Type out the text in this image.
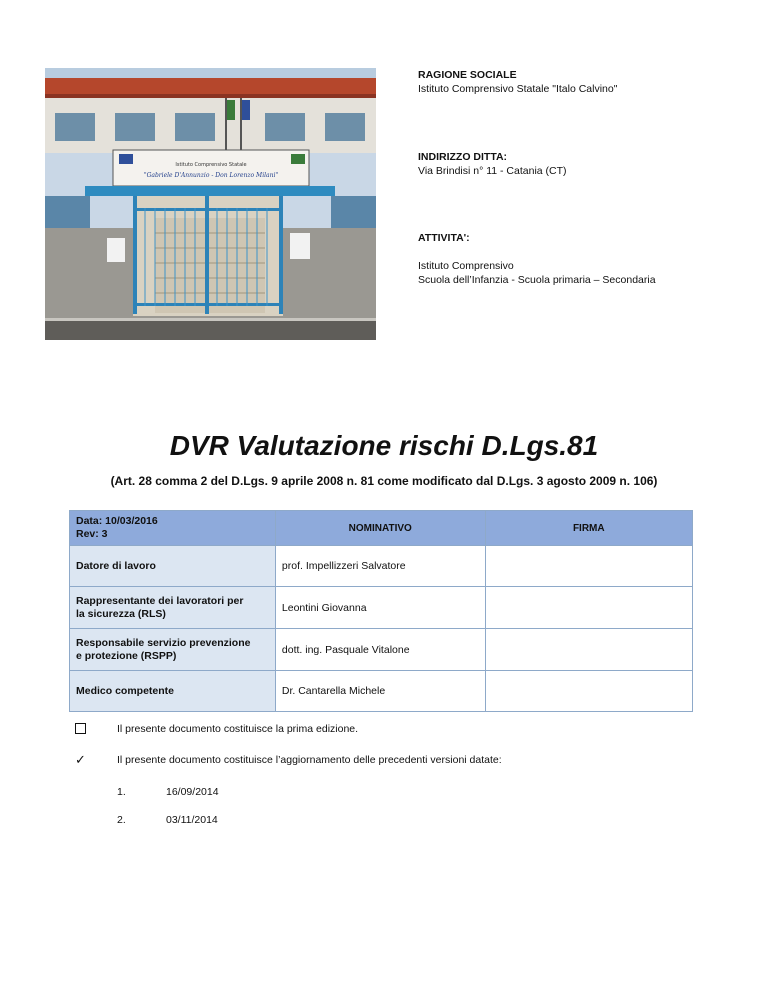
Istituto Comprensivo Statale
"Gabriele D'Annunzio - Don Lorenzo Milani"
RAGIONE SOCIALE
Istituto Comprensivo Statale "Italo Calvino"
INDIRIZZO DITTA:
Via Brindisi n° 11 - Catania (CT)
ATTIVITA':
Istituto Comprensivo
Scuola dell’Infanzia - Scuola primaria – Secondaria
DVR Valutazione rischi D.Lgs.81
(Art. 28 comma 2 del D.Lgs. 9 aprile 2008 n. 81 come modificato dal D.Lgs. 3 agosto 2009 n. 106)
Data: 10/03/2016
Rev: 3	NOMINATIVO	FIRMA
Datore di lavoro	prof. Impellizzeri Salvatore	

Rappresentante dei lavoratori per
la sicurezza (RLS)	Leontini Giovanna	

Responsabile servizio prevenzione
e protezione (RSPP)	dott. ing. Pasquale Vitalone	
Medico competente	Dr. Cantarella Michele	
Il presente documento costituisce la prima edizione.
✓	Il presente documento costituisce l’aggiornamento delle precedenti versioni datate:
1.	16/09/2014
2.	03/11/2014
